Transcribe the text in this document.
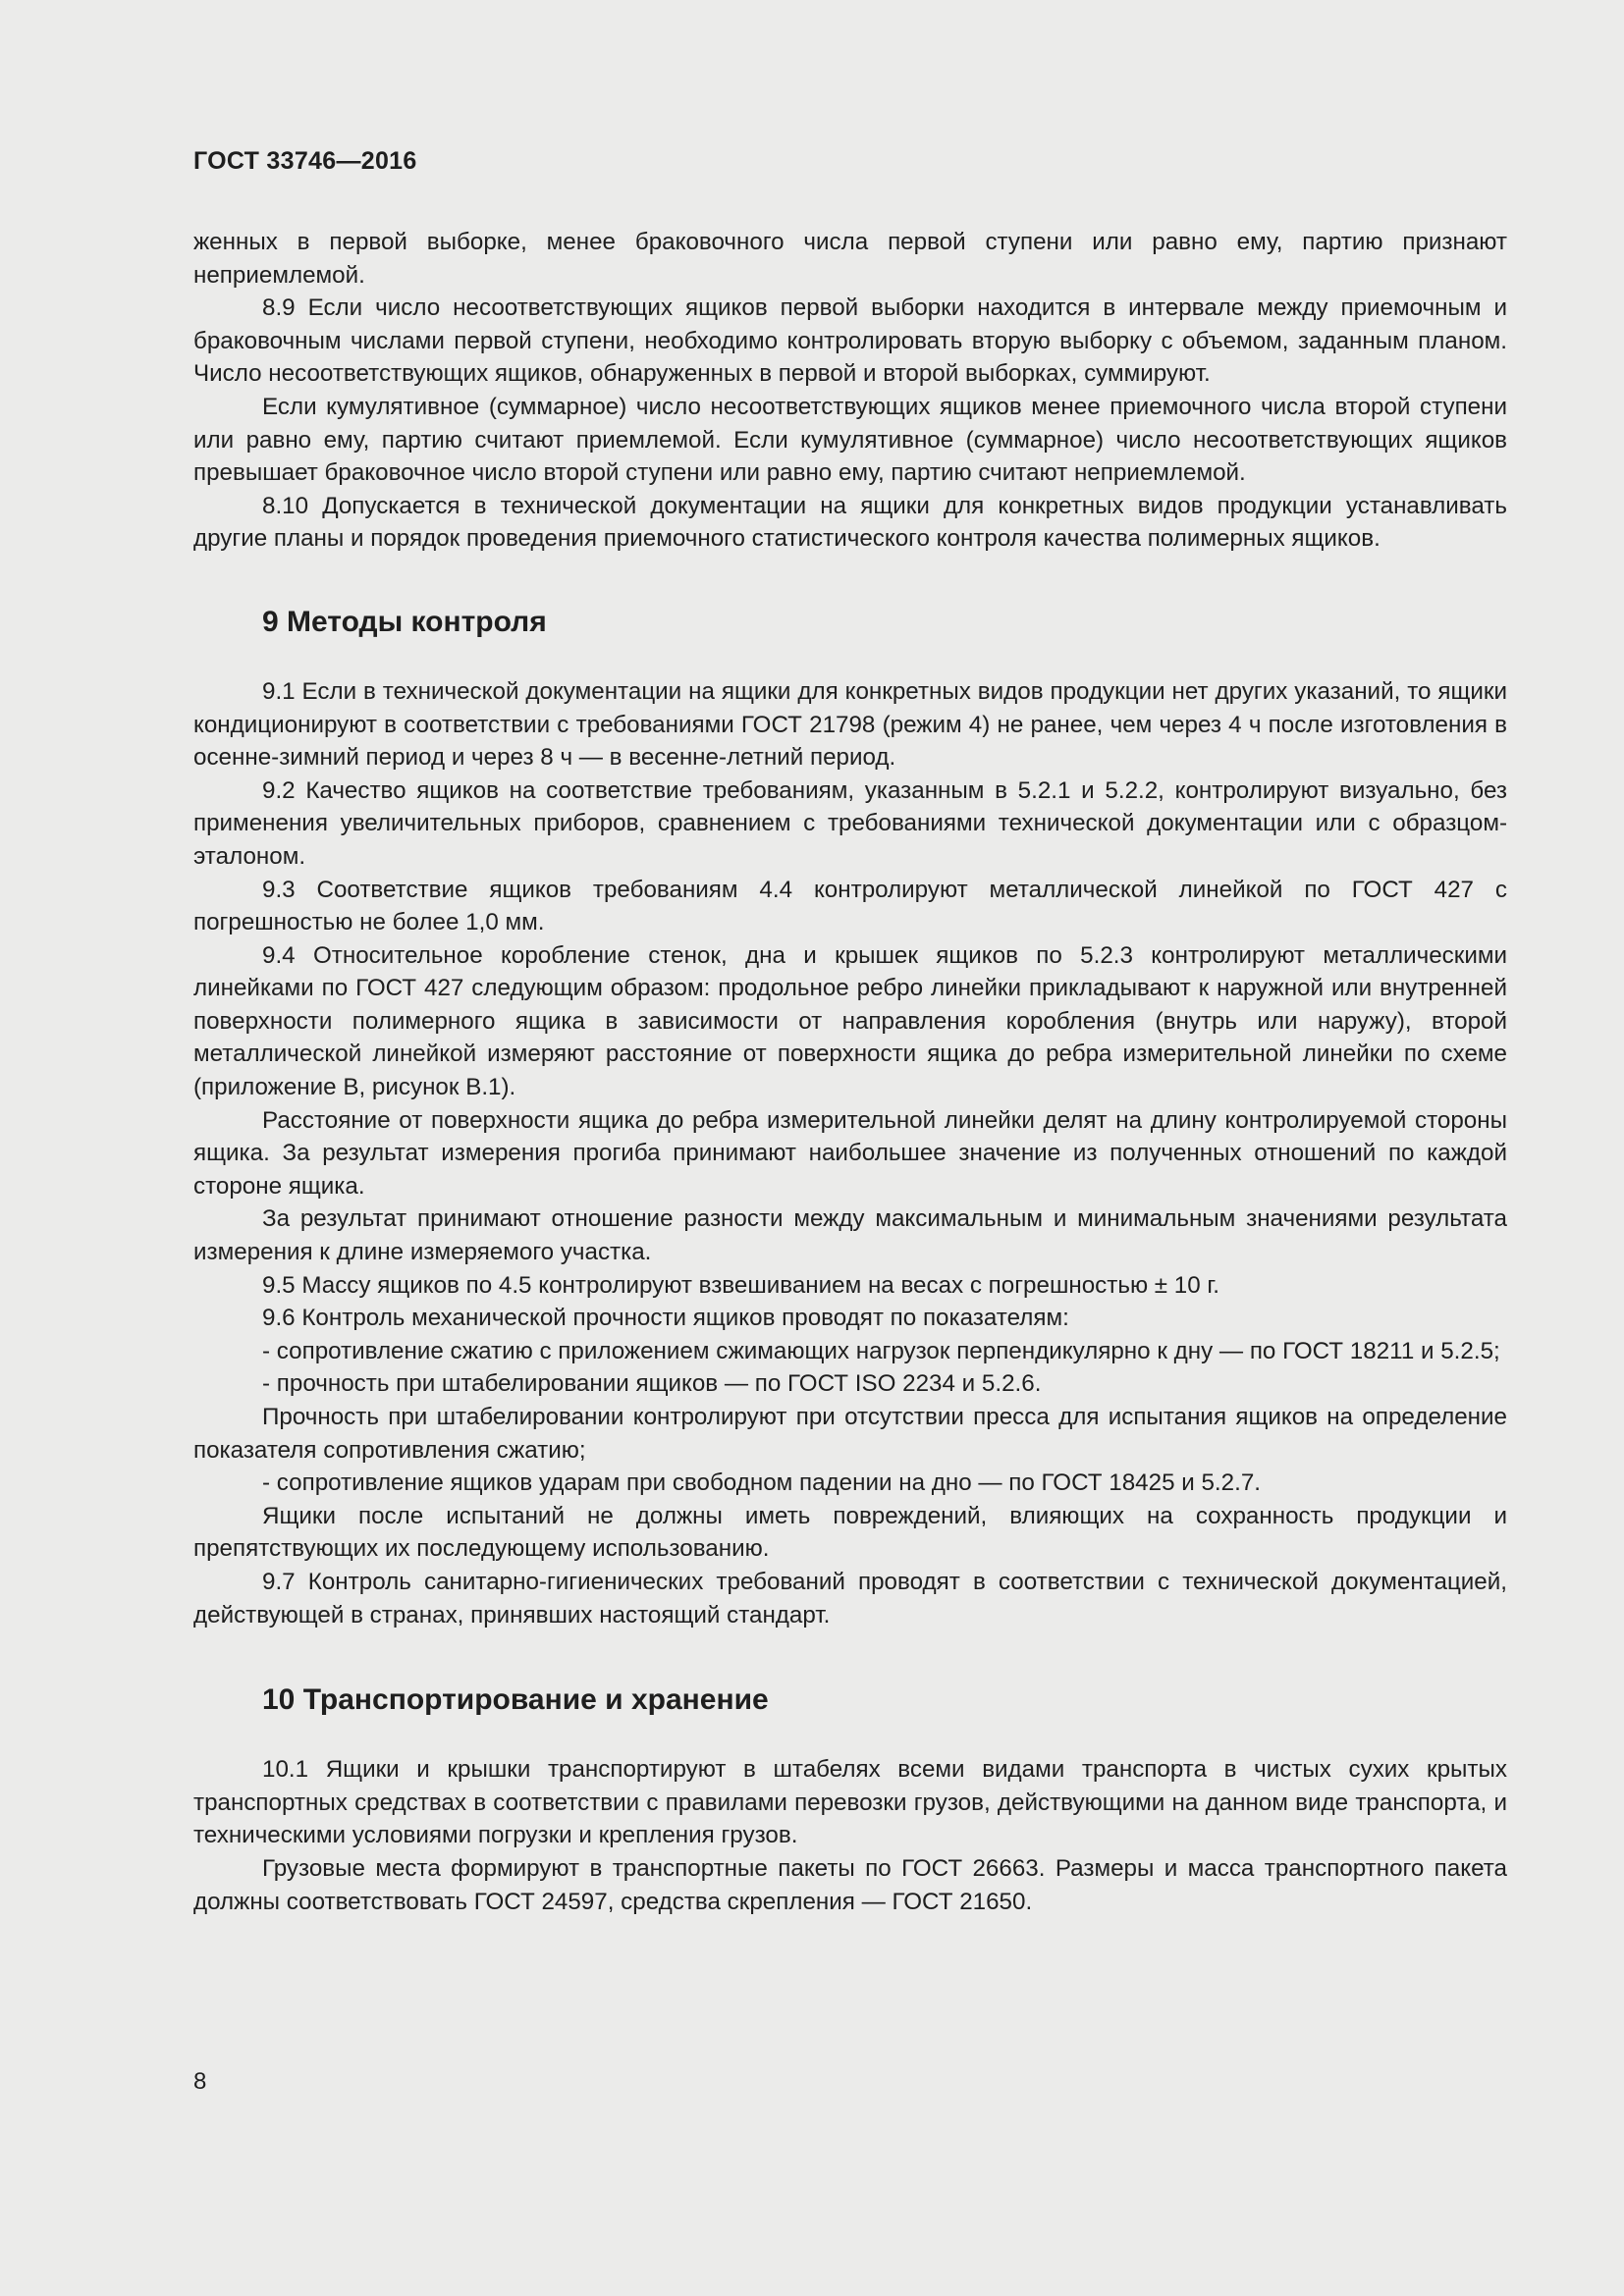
ГОСТ 33746—2016

женных в первой выборке, менее браковочного числа первой ступени или равно ему, партию признают неприемлемой.

8.9 Если число несоответствующих ящиков первой выборки находится в интервале между приемочным и браковочным числами первой ступени, необходимо контролировать вторую выборку с объемом, заданным планом. Число несоответствующих ящиков, обнаруженных в первой и второй выборках, суммируют.

Если кумулятивное (суммарное) число несоответствующих ящиков менее приемочного числа второй ступени или равно ему, партию считают приемлемой. Если кумулятивное (суммарное) число несоответствующих ящиков превышает браковочное число второй ступени или равно ему, партию считают неприемлемой.

8.10 Допускается в технической документации на ящики для конкретных видов продукции устанавливать другие планы и порядок проведения приемочного статистического контроля качества полимерных ящиков.

9 Методы контроля

9.1 Если в технической документации на ящики для конкретных видов продукции нет других указаний, то ящики кондиционируют в соответствии с требованиями ГОСТ 21798 (режим 4) не ранее, чем через 4 ч после изготовления в осенне-зимний период и через 8 ч — в весенне-летний период.

9.2 Качество ящиков на соответствие требованиям, указанным в 5.2.1 и 5.2.2, контролируют визуально, без применения увеличительных приборов, сравнением с требованиями технической документации или с образцом-эталоном.

9.3 Соответствие ящиков требованиям 4.4 контролируют металлической линейкой по ГОСТ 427 с погрешностью не более 1,0 мм.

9.4 Относительное коробление стенок, дна и крышек ящиков по 5.2.3 контролируют металлическими линейками по ГОСТ 427 следующим образом: продольное ребро линейки прикладывают к наружной или внутренней поверхности полимерного ящика в зависимости от направления коробления (внутрь или наружу), второй металлической линейкой измеряют расстояние от поверхности ящика до ребра измерительной линейки по схеме (приложение В, рисунок В.1).

Расстояние от поверхности ящика до ребра измерительной линейки делят на длину контролируемой стороны ящика. За результат измерения прогиба принимают наибольшее значение из полученных отношений по каждой стороне ящика.

За результат принимают отношение разности между максимальным и минимальным значениями результата измерения к длине измеряемого участка.

9.5 Массу ящиков по 4.5 контролируют взвешиванием на весах с погрешностью ± 10 г.

9.6 Контроль механической прочности ящиков проводят по показателям:

- сопротивление сжатию с приложением сжимающих нагрузок перпендикулярно к дну — по ГОСТ 18211 и 5.2.5;

- прочность при штабелировании ящиков — по ГОСТ ISO 2234 и 5.2.6.

Прочность при штабелировании контролируют при отсутствии пресса для испытания ящиков на определение показателя сопротивления сжатию;

- сопротивление ящиков ударам при свободном падении на дно — по ГОСТ 18425 и 5.2.7.

Ящики после испытаний не должны иметь повреждений, влияющих на сохранность продукции и препятствующих их последующему использованию.

9.7 Контроль санитарно-гигиенических требований проводят в соответствии с технической документацией, действующей в странах, принявших настоящий стандарт.

10 Транспортирование и хранение

10.1 Ящики и крышки транспортируют в штабелях всеми видами транспорта в чистых сухих крытых транспортных средствах в соответствии с правилами перевозки грузов, действующими на данном виде транспорта, и техническими условиями погрузки и крепления грузов.

Грузовые места формируют в транспортные пакеты по ГОСТ 26663. Размеры и масса транспортного пакета должны соответствовать ГОСТ 24597, средства скрепления — ГОСТ 21650.

8
